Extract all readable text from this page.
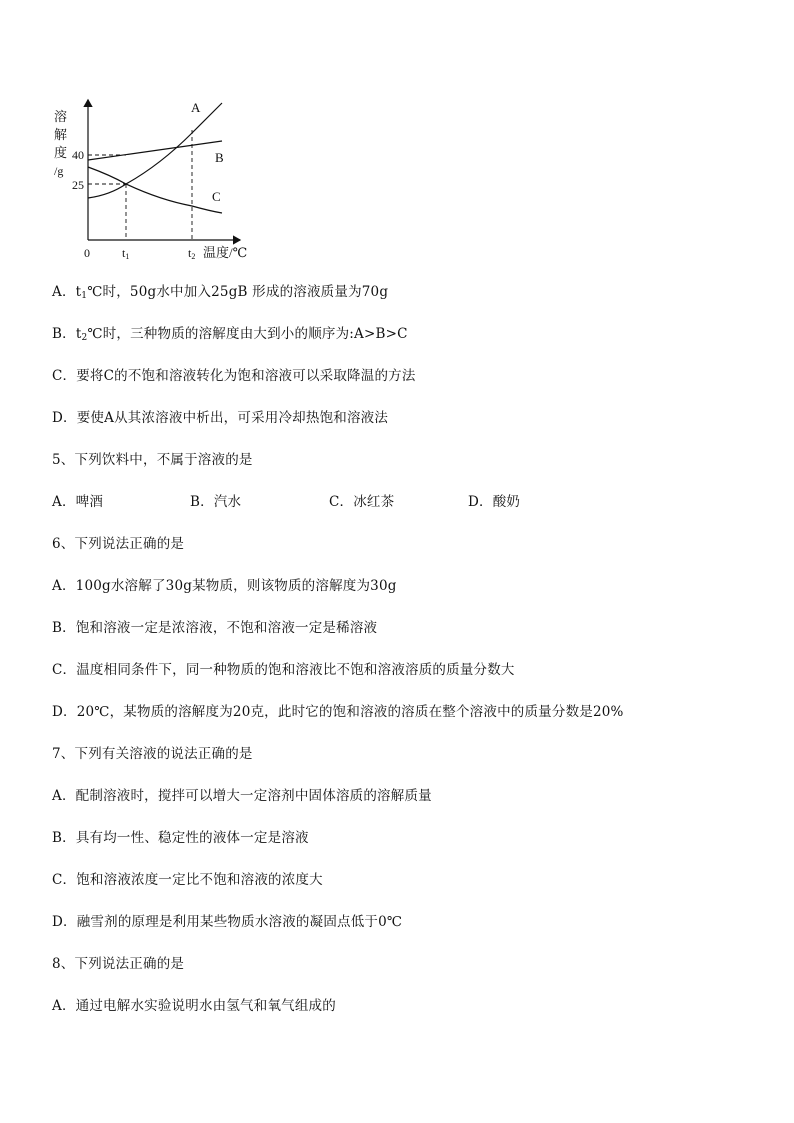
溶
解
度
/g
40
25
0	t1	t2 温度/℃
A
B
C
A．$t_1℃$时，50g水中加入25gB 形成的溶液质量为70g
B．$t_2℃$时，三种物质的溶解度由大到小的顺序为:A>B>C
C．要将C的不饱和溶液转化为饱和溶液可以采取降温的方法
D．要使A从其浓溶液中析出，可采用冷却热饱和溶液法
5、下列饮料中，不属于溶液的是
A．啤酒	B．汽水	C．冰红茶	D．酸奶
6、下列说法正确的是
A．100g水溶解了30g某物质，则该物质的溶解度为30g
B．饱和溶液一定是浓溶液，不饱和溶液一定是稀溶液
C．温度相同条件下，同一种物质的饱和溶液比不饱和溶液溶质的质量分数大
D．20℃，某物质的溶解度为20克，此时它的饱和溶液的溶质在整个溶液中的质量分数是20%
7、下列有关溶液的说法正确的是
A．配制溶液时，搅拌可以增大一定溶剂中固体溶质的溶解质量
B．具有均一性、稳定性的液体一定是溶液
C．饱和溶液浓度一定比不饱和溶液的浓度大
D．融雪剂的原理是利用某些物质水溶液的凝固点低于0℃
8、下列说法正确的是
A．通过电解水实验说明水由氢气和氧气组成的
